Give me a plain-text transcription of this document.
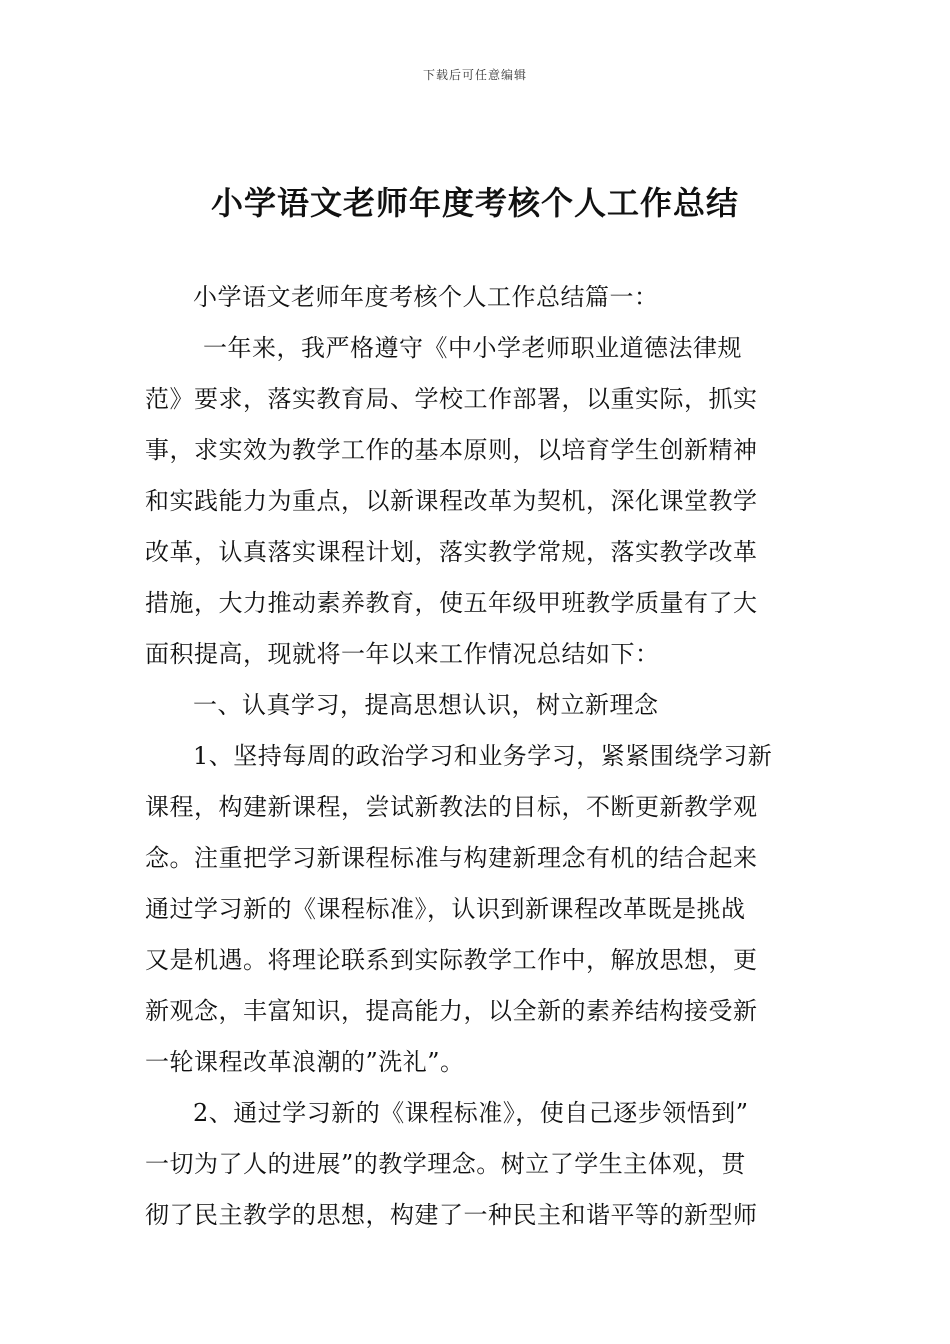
下载后可任意编辑
小学语文老师年度考核个人工作总结
小学语文老师年度考核个人工作总结篇一：
一年来，我严格遵守《中小学老师职业道德法律规
范》要求，落实教育局、学校工作部署，以重实际，抓实
事，求实效为教学工作的基本原则，以培育学生创新精神
和实践能力为重点，以新课程改革为契机，深化课堂教学
改革，认真落实课程计划，落实教学常规，落实教学改革
措施，大力推动素养教育，使五年级甲班教学质量有了大
面积提高，现就将一年以来工作情况总结如下：
一、认真学习，提高思想认识，树立新理念
1、坚持每周的政治学习和业务学习，紧紧围绕学习新
课程，构建新课程，尝试新教法的目标，不断更新教学观
念。注重把学习新课程标准与构建新理念有机的结合起来
通过学习新的《课程标准》，认识到新课程改革既是挑战
又是机遇。将理论联系到实际教学工作中，解放思想，更
新观念，丰富知识，提高能力，以全新的素养结构接受新
一轮课程改革浪潮的”洗礼”。
2、通过学习新的《课程标准》，使自己逐步领悟到”
一切为了人的进展”的教学理念。树立了学生主体观，贯
彻了民主教学的思想，构建了一种民主和谐平等的新型师
